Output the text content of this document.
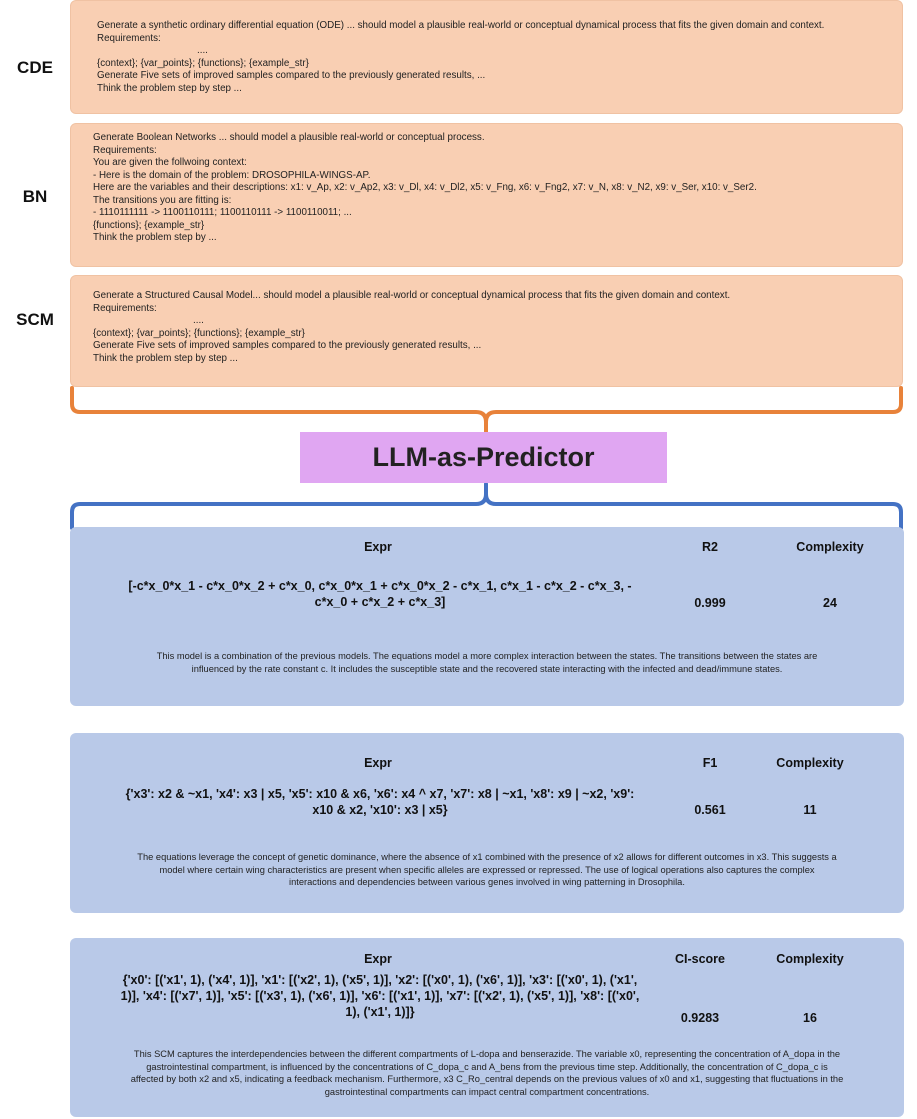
CDE
BN
SCM
Generate a synthetic ordinary differential equation (ODE) ... should model a plausible real-world or conceptual dynamical process that fits the given domain and context.
Requirements:
....
{context}; {var_points}; {functions}; {example_str}
Generate Five sets of improved samples compared to the previously generated results, ...
Think the problem step by step ...
Generate Boolean Networks ... should model a plausible real-world or conceptual process.
Requirements:
You are given the follwoing context:
- Here is the domain of the problem: DROSOPHILA-WINGS-AP.
Here are the variables and their descriptions: x1: v_Ap, x2: v_Ap2, x3: v_Dl, x4: v_Dl2, x5: v_Fng, x6: v_Fng2, x7: v_N, x8: v_N2, x9: v_Ser, x10: v_Ser2.
The transitions you are fitting is:
- 1110111111 -> 1100110111; 1100110111 -> 1100110011; ...
{functions}; {example_str}
Think the problem step by ...
Generate a Structured Causal Model... should model a plausible real-world or conceptual dynamical process that fits the given domain and context.
Requirements:
....
{context}; {var_points}; {functions}; {example_str}
Generate Five sets of improved samples compared to the previously generated results, ...
Think the problem step by step ...
LLM-as-Predictor
Expr	R2	Complexity
[-c*x_0*x_1 - c*x_0*x_2 + c*x_0, c*x_0*x_1 + c*x_0*x_2 - c*x_1, c*x_1 - c*x_2 - c*x_3, -
c*x_0 + c*x_2 + c*x_3]	0.999	24
This model is a combination of the previous models. The equations model a more complex interaction between the states. The transitions between the states are
influenced by the rate constant c. It includes the susceptible state and the recovered state interacting with the infected and dead/immune states.
Expr	F1	Complexity
{'x3': x2 & ~x1, 'x4': x3 | x5, 'x5': x10 & x6, 'x6': x4 ^ x7, 'x7': x8 | ~x1, 'x8': x9 | ~x2, 'x9':
x10 & x2, 'x10': x3 | x5}	0.561	11
The equations leverage the concept of genetic dominance, where the absence of x1 combined with the presence of x2 allows for different outcomes in x3. This suggests a
model where certain wing characteristics are present when specific alleles are expressed or repressed. The use of logical operations also captures the complex
interactions and dependencies between various genes involved in wing patterning in Drosophila.
Expr	CI-score	Complexity
{'x0': [('x1', 1), ('x4', 1)], 'x1': [('x2', 1), ('x5', 1)], 'x2': [('x0', 1), ('x6', 1)], 'x3': [('x0', 1), ('x1',
1)], 'x4': [('x7', 1)], 'x5': [('x3', 1), ('x6', 1)], 'x6': [('x1', 1)], 'x7': [('x2', 1), ('x5', 1)], 'x8': [('x0',
1), ('x1', 1)]}	0.9283	16
This SCM captures the interdependencies between the different compartments of L-dopa and benserazide. The variable x0, representing the concentration of A_dopa in the
gastrointestinal compartment, is influenced by the concentrations of C_dopa_c and A_bens from the previous time step. Additionally, the concentration of C_dopa_c is
affected by both x2 and x5, indicating a feedback mechanism. Furthermore, x3 C_Ro_central depends on the previous values of x0 and x1, suggesting that fluctuations in the
gastrointestinal compartments can impact central compartment concentrations.
